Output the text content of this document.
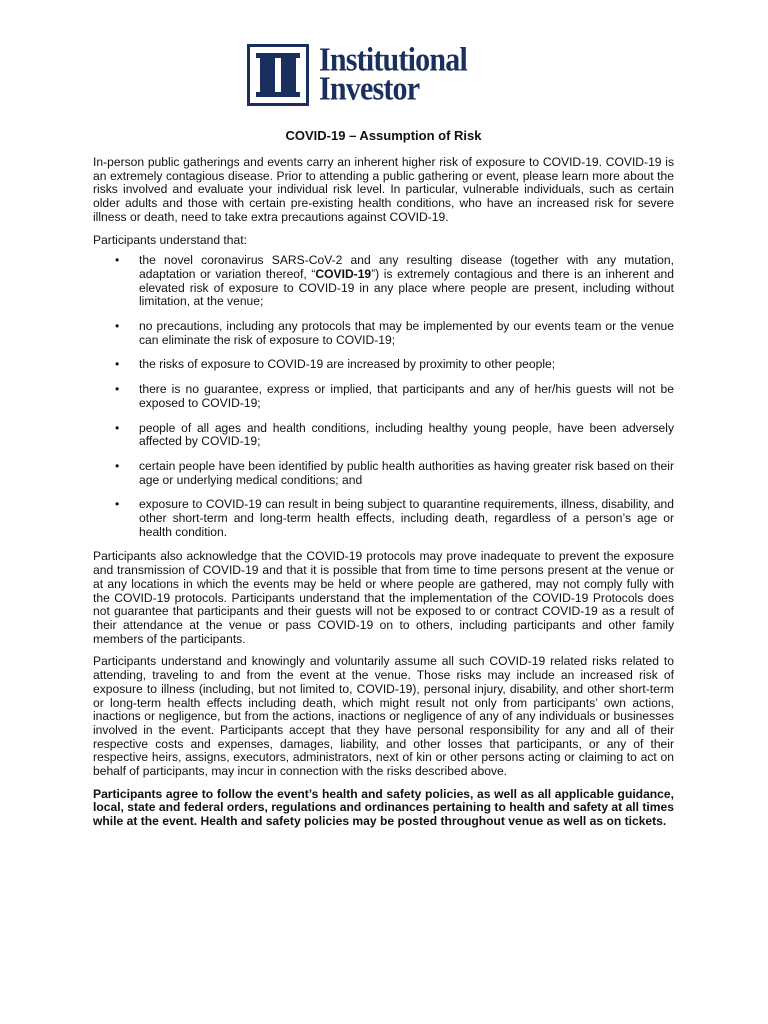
Institutional
Investor
COVID-19 – Assumption of Risk

In-person public gatherings and events carry an inherent higher risk of exposure to COVID-19. COVID-19 is an extremely contagious disease. Prior to attending a public gathering or event, please learn more about the risks involved and evaluate your individual risk level. In particular, vulnerable individuals, such as certain older adults and those with certain pre-existing health conditions, who have an increased risk for severe illness or death, need to take extra precautions against COVID-19.

Participants understand that:

• the novel coronavirus SARS-CoV-2 and any resulting disease (together with any mutation, adaptation or variation thereof, “COVID-19”) is extremely contagious and there is an inherent and elevated risk of exposure to COVID-19 in any place where people are present, including without limitation, at the venue;
• no precautions, including any protocols that may be implemented by our events team or the venue can eliminate the risk of exposure to COVID-19;
• the risks of exposure to COVID-19 are increased by proximity to other people;
• there is no guarantee, express or implied, that participants and any of her/his guests will not be exposed to COVID-19;
• people of all ages and health conditions, including healthy young people, have been adversely affected by COVID-19;
• certain people have been identified by public health authorities as having greater risk based on their age or underlying medical conditions; and
• exposure to COVID-19 can result in being subject to quarantine requirements, illness, disability, and other short-term and long-term health effects, including death, regardless of a person’s age or health condition.

Participants also acknowledge that the COVID-19 protocols may prove inadequate to prevent the exposure and transmission of COVID-19 and that it is possible that from time to time persons present at the venue or at any locations in which the events may be held or where people are gathered, may not comply fully with the COVID-19 protocols. Participants understand that the implementation of the COVID-19 Protocols does not guarantee that participants and their guests will not be exposed to or contract COVID-19 as a result of their attendance at the venue or pass COVID-19 on to others, including participants and other family members of the participants.

Participants understand and knowingly and voluntarily assume all such COVID-19 related risks related to attending, traveling to and from the event at the venue. Those risks may include an increased risk of exposure to illness (including, but not limited to, COVID-19), personal injury, disability, and other short-term or long-term health effects including death, which might result not only from participants’ own actions, inactions or negligence, but from the actions, inactions or negligence of any of any individuals or businesses involved in the event. Participants accept that they have personal responsibility for any and all of their respective costs and expenses, damages, liability, and other losses that participants, or any of their respective heirs, assigns, executors, administrators, next of kin or other persons acting or claiming to act on behalf of participants, may incur in connection with the risks described above.

Participants agree to follow the event’s health and safety policies, as well as all applicable guidance, local, state and federal orders, regulations and ordinances pertaining to health and safety at all times while at the event. Health and safety policies may be posted throughout venue as well as on tickets.
